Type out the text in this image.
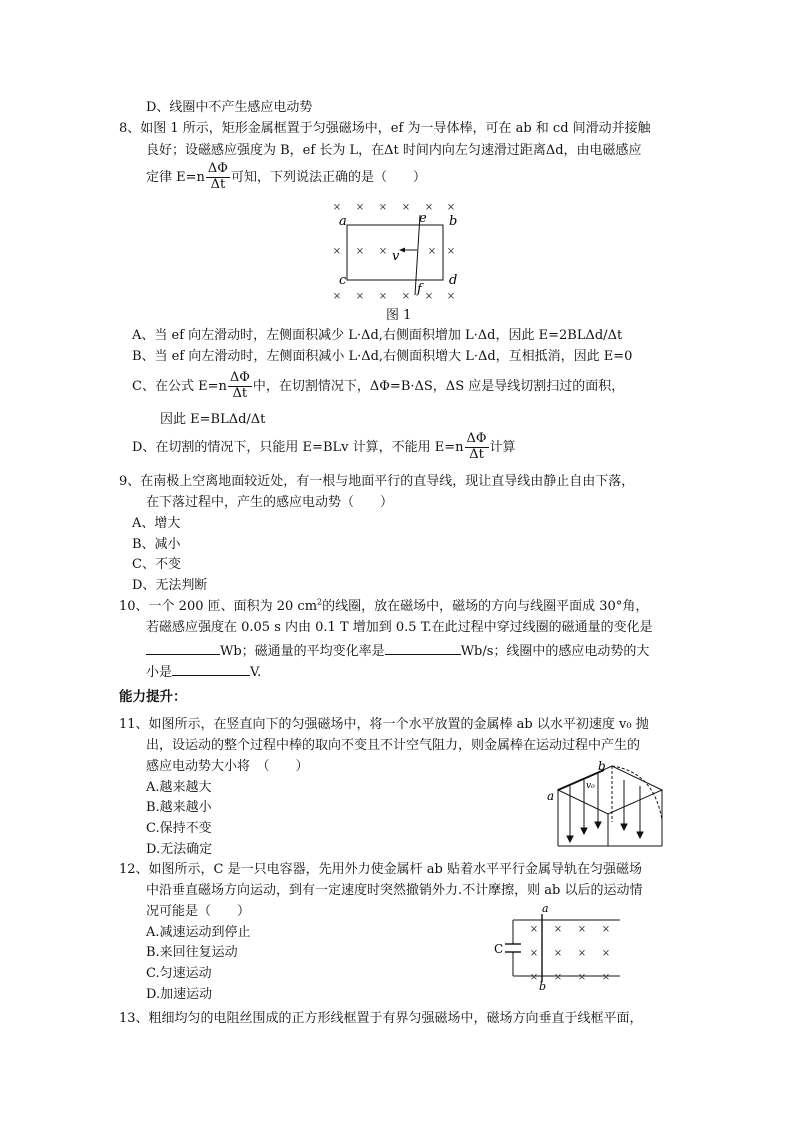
D、线圈中不产生感应电动势
8、如图 1 所示，矩形金属框置于匀强磁场中，ef 为一导体棒，可在 ab 和 cd 间滑动并接触
良好；设磁感应强度为 B，ef 长为 L，在Δt 时间内向左匀速滑过距离Δd，由电磁感应
定律 $E=n \frac{\Delta\Phi}{\Delta t}$ 可知，下列说法正确的是（　　）
× × × × × ×
× × × × × ×
× × ×	× ×
a	b
c	d
e
f
v
图 1
A、当 ef 向左滑动时，左侧面积减少 L·Δd,右侧面积增加 L·Δd，因此 E=2BLΔd/Δt
B、当 ef 向左滑动时，左侧面积减小 L·Δd,右侧面积增大 L·Δd，互相抵消，因此 E=0
C、在公式 $E=n \frac{\Delta\Phi}{\Delta t}$ 中，在切割情况下，ΔΦ=B·ΔS，ΔS 应是导线切割扫过的面积，
因此 E=BLΔd/Δt
D、在切割的情况下，只能用 E=BLv 计算，不能用 $E=n \frac{\Delta\Phi}{\Delta t}$ 计算
9、在南极上空离地面较近处，有一根与地面平行的直导线，现让直导线由静止自由下落，
在下落过程中，产生的感应电动势（　　）
A、增大
B、减小
C、不变
D、无法判断
10、一个 200 匝、面积为 20 $cm^2$的线圈，放在磁场中，磁场的方向与线圈平面成 30°角，
若磁感应强度在 0.05 s 内由 0.1 T 增加到 0.5 T.在此过程中穿过线圈的磁通量的变化是
Wb；磁通量的平均变化率是	Wb/s；线圈中的感应电动势的大
小是	V.
能力提升：
11、如图所示，在竖直向下的匀强磁场中，将一个水平放置的金属棒 ab 以水平初速度 v₀ 抛
出，设运动的整个过程中棒的取向不变且不计空气阻力，则金属棒在运动过程中产生的
感应电动势大小将　（　　）
A.越来越大
B.越来越小
C.保持不变
D.无法确定
a
b
v₀
12、如图所示，C 是一只电容器，先用外力使金属杆 ab 贴着水平平行金属导轨在匀强磁场
中沿垂直磁场方向运动，到有一定速度时突然撤销外力.不计摩擦，则 ab 以后的运动情
况可能是（　　）
A.减速运动到停止
B.来回往复运动
C.匀速运动
D.加速运动
× × × ×
× × × ×
× × × ×
a
b
C
13、粗细均匀的电阻丝围成的正方形线框置于有界匀强磁场中，磁场方向垂直于线框平面，
